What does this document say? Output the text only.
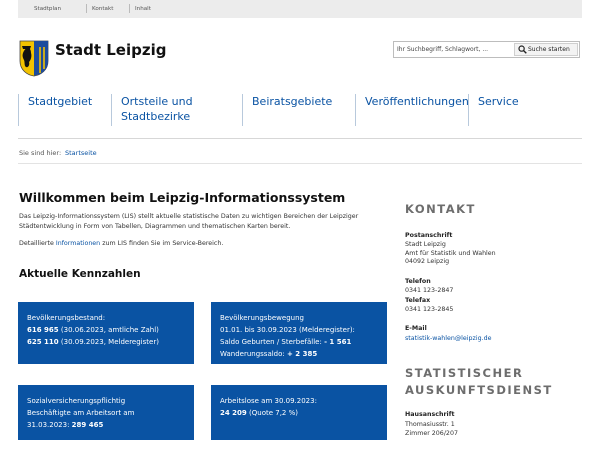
Stadtplan	Kontakt	Inhalt
Stadt Leipzig
Ihr Suchbegriff, Schlagwort, ...	Suche starten
Stadtgebiet	Ortsteile und
Stadtbezirke
Beiratsgebiete	Veröffentlichungen Service
Sie sind hier: Startseite
Willkommen beim Leipzig-Informationssystem
Das Leipzig-Informationssystem (LIS) stellt aktuelle statistische Daten zu wichtigen Bereichen der Leipziger Städtentwicklung in Form von Tabellen, Diagrammen und thematischen Karten bereit.
Detaillierte Informationen zum LIS finden Sie im Service-Bereich.
Aktuelle Kennzahlen
Bevölkerungsbestand:
616 965 (30.06.2023, amtliche Zahl)
625 110 (30.09.2023, Melderegister)
Bevölkerungsbewegung
01.01. bis 30.09.2023 (Melderegister):
Saldo Geburten / Sterbefälle: - 1 561
Wanderungssaldo: + 2 385
Sozialversicherungspflichtig
Beschäftigte am Arbeitsort am
31.03.2023: 289 465
Arbeitslose am 30.09.2023:
24 209 (Quote 7,2 %)
KONTAKT
Postanschrift
Stadt Leipzig
Amt für Statistik und Wahlen
04092 Leipzig
Telefon
0341 123-2847
Telefax
0341 123-2845
E-Mail
statistik-wahlen@leipzig.de
STATISTISCHER
AUSKUNFTSDIENST
Hausanschrift
Thomasiusstr. 1
Zimmer 206/207
